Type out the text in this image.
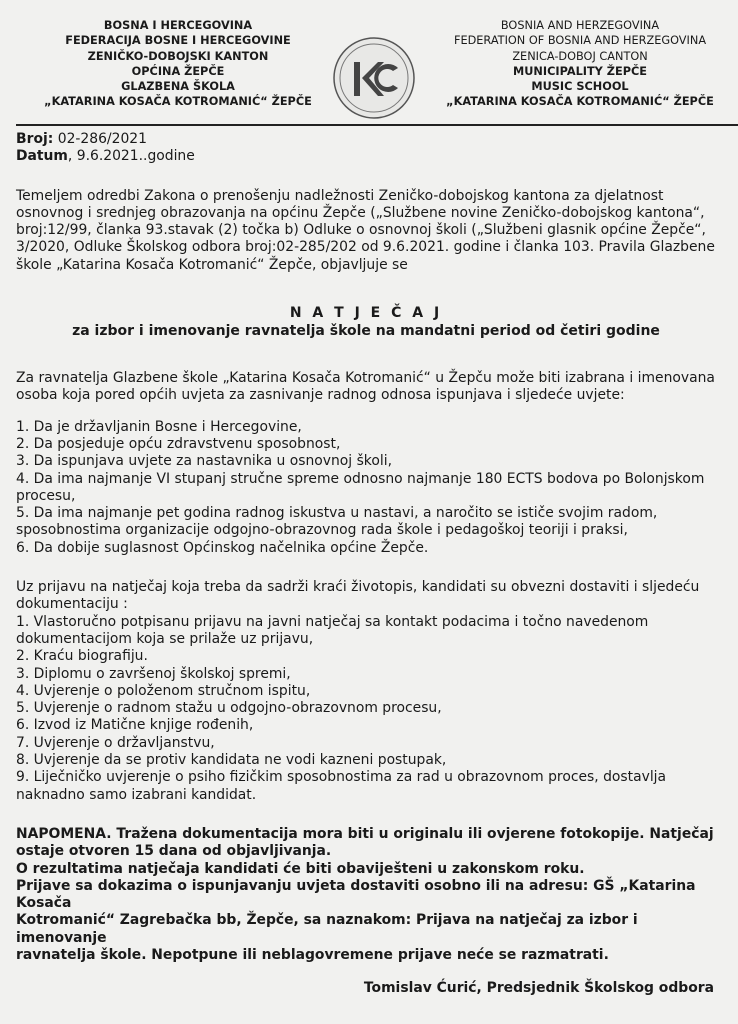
BOSNA I HERCEGOVINA
FEDERACIJA BOSNE I HERCEGOVINE
ZENIČKO-DOBOJSKI KANTON
OPĆINA ŽEPČE
GLAZBENA ŠKOLA
„KATARINA KOSAČA KOTROMANIĆ“ ŽEPČE
BOSNIA AND HERZEGOVINA
FEDERATION OF BOSNIA AND HERZEGOVINA
ZENICA-DOBOJ CANTON
MUNICIPALITY ŽEPČE
MUSIC SCHOOL
„KATARINA KOSAČA KOTROMANIĆ“ ŽEPČE

Broj: 02-286/2021

Datum, 9.6.2021..godine

Temeljem odredbi Zakona o prenošenju nadležnosti Zeničko-dobojskog kantona za djelatnost

osnovnog i srednjeg obrazovanja na općinu Žepče („Službene novine Zeničko-dobojskog kantona“,

broj:12/99, članka 93.stavak (2) točka b) Odluke o osnovnoj školi („Službeni glasnik općine Žepče“,

3/2020, Odluke Školskog odbora broj:02-285/202 od 9.6.2021. godine i članka 103. Pravila Glazbene

škole „Katarina Kosača Kotromanić“ Žepče, objavljuje se

N A T J E Č A J
za izbor i imenovanje ravnatelja škole na mandatni period od četiri godine

Za ravnatelja Glazbene škole „Katarina Kosača Kotromanić“ u Žepču može biti izabrana i imenovana

osoba koja pored općih uvjeta za zasnivanje radnog odnosa ispunjava i sljedeće uvjete:

1. Da je državljanin Bosne i Hercegovine,
2. Da posjeduje opću zdravstvenu sposobnost,
3. Da ispunjava uvjete za nastavnika u osnovnoj školi,
4. Da ima najmanje VI stupanj stručne spreme odnosno najmanje 180 ECTS bodova po Bolonjskom
procesu,
5. Da ima najmanje pet godina radnog iskustva u nastavi, a naročito se ističe svojim radom,
sposobnostima organizacije odgojno-obrazovnog rada škole i pedagoškoj teoriji i praksi,
6. Da dobije suglasnost Općinskog načelnika općine Žepče.

Uz prijavu na natječaj koja treba da sadrži kraći životopis, kandidati su obvezni dostaviti i sljedeću

dokumentaciju :

1. Vlastoručno potpisanu prijavu na javni natječaj sa kontakt podacima i točno navedenom
dokumentacijom koja se prilaže uz prijavu,
2. Kraću biografiju.
3. Diplomu o završenoj školskoj spremi,
4. Uvjerenje o položenom stručnom ispitu,
5. Uvjerenje o radnom stažu u odgojno-obrazovnom procesu,
6. Izvod iz Matične knjige rođenih,
7. Uvjerenje o državljanstvu,
8. Uvjerenje da se protiv kandidata ne vodi kazneni postupak,
9. Liječničko uvjerenje o psiho fizičkim sposobnostima za rad u obrazovnom proces, dostavlja
naknadno samo izabrani kandidat.

NAPOMENA. Tražena dokumentacija mora biti u originalu ili ovjerene fotokopije. Natječaj

ostaje otvoren 15 dana od objavljivanja.

O rezultatima natječaja kandidati će biti obaviješteni u zakonskom roku.

Prijave sa dokazima o ispunjavanju uvjeta dostaviti osobno ili na adresu: GŠ „Katarina Kosača

Kotromanić“ Zagrebačka bb, Žepče, sa naznakom: Prijava na natječaj za izbor i imenovanje

ravnatelja škole. Nepotpune ili neblagovremene prijave neće se razmatrati.

Tomislav Ćurić, Predsjednik Školskog odbora
